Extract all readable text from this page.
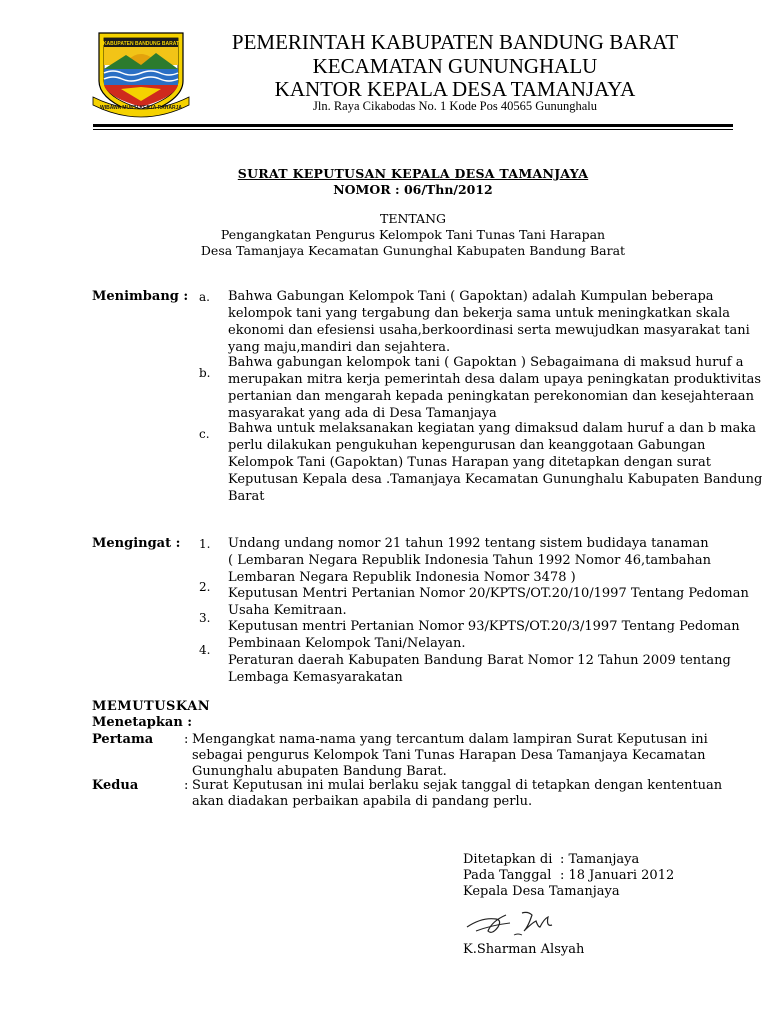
KABUPATEN BANDUNG BARAT
WIBAWA MUKTI KERTA RAHARJA
PEMERINTAH KABUPATEN BANDUNG BARAT
KECAMATAN GUNUNGHALU
KANTOR KEPALA DESA TAMANJAYA
Jln. Raya Cikabodas No. 1 Kode Pos 40565 Gununghalu
SURAT KEPUTUSAN KEPALA DESA TAMANJAYA
NOMOR : 06/Thn/2012
TENTANG
Pengangkatan Pengurus Kelompok Tani Tunas Tani Harapan
Desa Tamanjaya Kecamatan Gununghal Kabupaten Bandung Barat
Menimbang : a. Bahwa Gabungan Kelompok Tani ( Gapoktan) adalah Kumpulan beberapa
kelompok tani yang tergabung dan bekerja sama untuk meningkatkan skala
ekonomi dan efesiensi usaha,berkoordinasi serta mewujudkan masyarakat tani
yang maju,mandiri dan sejahtera.
b.
Bahwa gabungan kelompok tani ( Gapoktan ) Sebagaimana di maksud huruf a
merupakan mitra kerja pemerintah desa dalam upaya peningkatan produktivitas
pertanian dan mengarah kepada peningkatan perekonomian dan kesejahteraan
masyarakat yang ada di Desa Tamanjaya
c. Bahwa untuk melaksanakan kegiatan yang dimaksud dalam huruf a dan b maka
perlu dilakukan pengukuhan kepengurusan dan keanggotaan Gabungan
Kelompok Tani (Gapoktan) Tunas Harapan yang ditetapkan dengan surat
Keputusan Kepala desa .Tamanjaya Kecamatan Gununghalu Kabupaten Bandung
Barat
Mengingat : 1. Undang undang nomor 21 tahun 1992 tentang sistem budidaya tanaman
( Lembaran Negara Republik Indonesia Tahun 1992 Nomor 46,tambahan
Lembaran Negara Republik Indonesia Nomor 3478 )
2. Keputusan Mentri Pertanian Nomor 20/KPTS/OT.20/10/1997 Tentang Pedoman
Usaha Kemitraan.
3.
Keputusan mentri Pertanian Nomor 93/KPTS/OT.20/3/1997 Tentang Pedoman
Pembinaan Kelompok Tani/Nelayan.
4.
Peraturan daerah Kabupaten Bandung Barat Nomor 12 Tahun 2009 tentang
Lembaga Kemasyarakatan
MEMUTUSKAN
Menetapkan :
Pertama : Mengangkat nama-nama yang tercantum dalam lampiran Surat Keputusan ini
sebagai pengurus Kelompok Tani Tunas Harapan Desa Tamanjaya Kecamatan
Gununghalu abupaten Bandung Barat.
Kedua	: Surat Keputusan ini mulai berlaku sejak tanggal di tetapkan dengan kententuan
akan diadakan perbaikan apabila di pandang perlu.
Ditetapkan di : Tamanjaya
Pada Tanggal : 18 Januari 2012
Kepala Desa Tamanjaya
K.Sharman Alsyah
